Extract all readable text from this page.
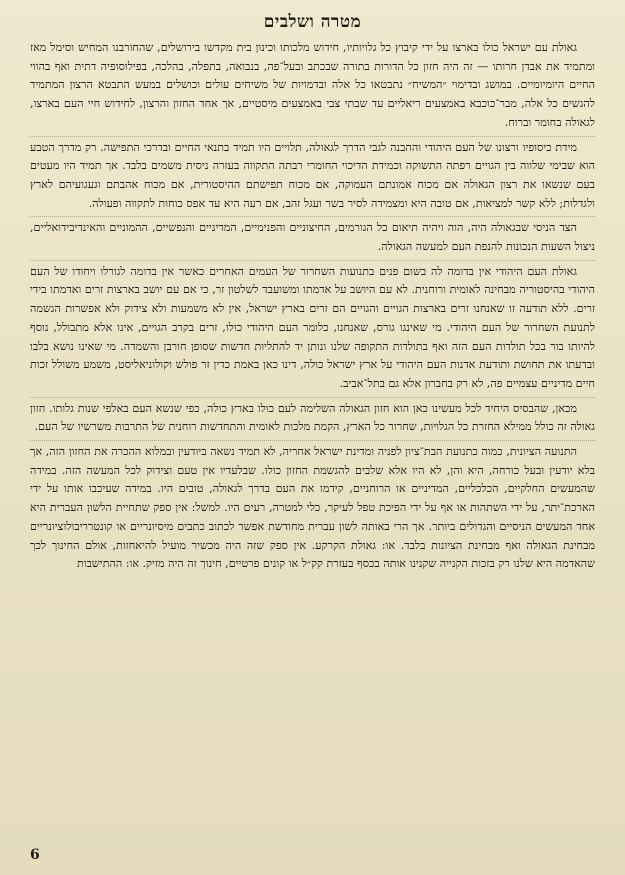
מטרה ושלבים

גאולת עם ישראל כולו בארצו על ידי קיבוץ כל גלויותיו, חידוש מלכותו וכינון בית מקדשו בירושלים, שהחורבנו המחיש וסימל מאז ומתמיד את אבדן חרותו — זה היה חזון כל הדורות בתורה שבכתב ובעל־פה, בנבואה, בתפלה, בהלכה, בפילוסופיה דתית ואף בהווי החיים היומיומיים. במושג ובדימוי ״המשיח״ נתבטאו כל אלה ובדמויות של משיחים עולים וכושלים במעש התבטא הרצון המתמיד להגשים כל אלה, מבר־כוכבא באמצעים ריאליים עד שבתי צבי באמצעים מיסטיים, אך אחד החזון והרצון, לחידוש חיי העם בארצו, לגאולה בחומר וברוח.

מידת כיסופיו ורצונו של העם היהודי וההבנה לגבי הדרך לגאולה, תלויים היו תמיד בתנאי החיים ובדרכי התפישה. רק מדרך הטבע הוא שבימי שלווה בין הגויים רפתה התשוקה וכמידת הדיכוי החומרי רבתה התקווה בעזרה ניסית משמים בלבד. אך תמיד היו מעטים בעם שנשאו את רצון הגאולה אם מכוח אמונתם העמוקה, אם מכוח תפישתם ההיסטורית, אם מכוח אהבתם וגעגועיהם לארץ ולגדלות; ללא קשר למציאות, אם טובה היא ומצמידה לסיר בשר ועגל זהב, אם רעה היא עד אפס כוחות לתקווה ופעולה.

הצד הניסי שבגאולה היה, הוה ויהיה תיאום כל הגורמים, החיצוניים והפנימיים, המדיניים והנפשיים, ההמוניים והאינדיבידואליים, ניצול השעות הנכונות להנפת העם למעשה הגאולה.

גאולת העם היהודי אין בדומה לה בשום פנים בתנועות השחרור של העמים האחרים כאשר אין בדומה לגורלו ויחודו של העם היהודי בהיסטוריה מבחינה לאומית ורוחנית. לא עם היושב על אדמתו ומשועבד לשלטון זר, כי אם עם יושב בארצות זרים ואדמתו בידי זרים. ללא תודעה זו שאנחנו זרים בארצות הגויים והגויים הם זרים בארץ ישראל, אין לא משמעות ולא צידוק ולא אפשרות הגשמה לתנועת השחרור של העם היהודי. מי שאינגו גורס, שאנחנו, כלומר העם היהודי כולו, זרים בקרב הגויים, אינו אלא מתבולל, נוסף להיותו בור בכל תולדות העם הזה ואף בתולדות התקופה שלנו ונותן יד להתליות חדשות שסופן חורבן והשמדה. מי שאינו נושא בלבו ובדעתו את תחושת ותודעת אדנות העם היהודי על ארץ ישראל כולה, דינו כאן באמת כדין זר פולש וקולוניאליסט, משמע משולל זכות חיים מדיניים עצמיים פה, לא רק בחברון אלא גם בתל־אביב.

מכאן, שהבסיס היחיד לכל מעשינו כאן הוא חזון הגאולה השלימה לעם כולו בארץ כולה, כפי שנשא העם באלפי שנות גלותו. חזון גאולה זה כולל ממילא החזרת כל הגלויות, שחרור כל הארץ, הקמת מלכות לאומית והתחדשות רוחנית של התרבות משרשיו של העם.

התנועה הציונית, כמוה כתנועת הבת־ציון לפניה ומדינת ישראל אחריה, לא תמיד נשאה ביודעין ובמלוא ההכרה את החזון הזה, אך בלא יודעין ובעל כורחה, היא והן, לא היו אלא שלבים להגשמת החזון כולו. שבלעדיו אין טעם וצידוק לכל המעשה הזה. במידה שהמעשים החלקיים, הכלכליים, המדיניים או הרוחניים, קידמו את העם בדרך לגאולה, טובים היו. במידה שעיכבו אותו על ידי הארכת־יתר, על ידי השתהות או אף על ידי הפיכת טפל לעיקר, כלי למטרה, רעים היו. למשל: אין ספק שתחיית הלשון העברית היא אחד המעשים הניסיים והגדולים ביותר. אך הרי באותה לשון עברית מחודשת אפשר לכתוב כתבים מיסיונריים או קונטרריבולוציונריים מבחינת הגאולה ואף מבחינת הציונות בלבד. או: גאולת הקרקע. אין ספק שזה היה מכשיר מועיל להיאחזות, אולם החינוך לכך שהאדמה היא שלנו רק בזכות הקנייה שקנינו אותה בכסף בעזרת קק״ל או קונים פרטיים, חינוך זה היה מזיק. או: ההתישבות

6
